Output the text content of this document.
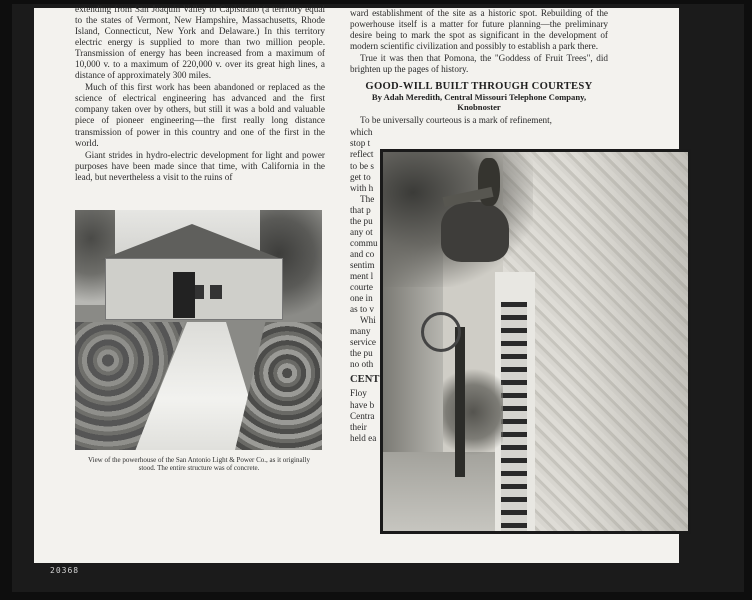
extending from San Joaquin Valley to Capistrano (a territory equal to the states of Vermont, New Hampshire, Massachusetts, Rhode Island, Connecticut, New York and Delaware.) In this territory electric energy is supplied to more than two million people. Transmission of energy has been increased from a maximum of 10,000 v. to a maximum of 220,000 v. over its great high lines, a distance of approximately 300 miles.

Much of this first work has been abandoned or replaced as the science of electrical engineering has advanced and the first company taken over by others, but still it was a bold and valuable piece of pioneer engineering—the first really long distance transmission of power in this country and one of the first in the world.

Giant strides in hydro-electric development for light and power purposes have been made since that time, with California in the lead, but nevertheless a visit to the ruins of

View of the powerhouse of the San Antonio Light & Power Co., as it originally stood. The entire structure was of concrete.

ward establishment of the site as a historic spot. Rebuilding of the powerhouse itself is a matter for future planning—the preliminary desire being to mark the spot as significant in the development of modern scientific civilization and possibly to establish a park there.

True it was then that Pomona, the "Goddess of Fruit Trees", did brighten up the pages of history.

GOOD-WILL BUILT THROUGH COURTESY
By Adah Meredith, Central Missouri Telephone Company,
Knobnoster

To be universally courteous is a mark of refinement,

which
stop t
reflect
to be s
get to
with h
The
that p
the pu
any ot
commu
and co
sentim
ment l
courte
one in
as to v
Whi
many
service
the pu
no oth
CENT
Floy
have b
Centra
their
held ea
20368
